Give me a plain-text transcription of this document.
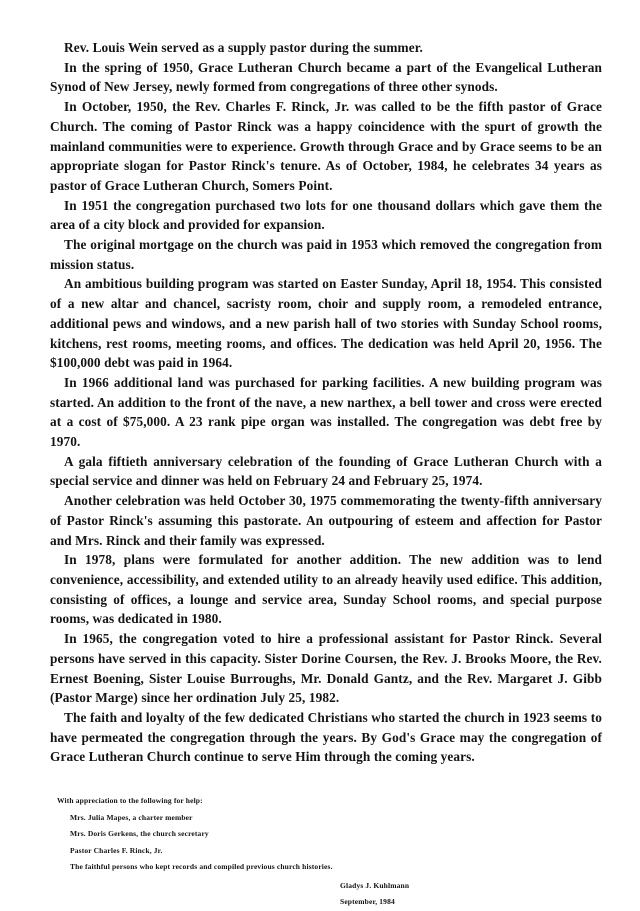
Rev. Louis Wein served as a supply pastor during the summer.

In the spring of 1950, Grace Lutheran Church became a part of the Evangelical Lutheran Synod of New Jersey, newly formed from congregations of three other synods.

In October, 1950, the Rev. Charles F. Rinck, Jr. was called to be the fifth pastor of Grace Church. The coming of Pastor Rinck was a happy coincidence with the spurt of growth the mainland communities were to experience. Growth through Grace and by Grace seems to be an appropriate slogan for Pastor Rinck's tenure. As of October, 1984, he celebrates 34 years as pastor of Grace Lutheran Church, Somers Point.

In 1951 the congregation purchased two lots for one thousand dollars which gave them the area of a city block and provided for expansion.

The original mortgage on the church was paid in 1953 which removed the congregation from mission status.

An ambitious building program was started on Easter Sunday, April 18, 1954. This consisted of a new altar and chancel, sacristy room, choir and supply room, a remodeled entrance, additional pews and windows, and a new parish hall of two stories with Sunday School rooms, kitchens, rest rooms, meeting rooms, and offices. The dedication was held April 20, 1956. The $100,000 debt was paid in 1964.

In 1966 additional land was purchased for parking facilities. A new building program was started. An addition to the front of the nave, a new narthex, a bell tower and cross were erected at a cost of $75,000. A 23 rank pipe organ was installed. The congregation was debt free by 1970.

A gala fiftieth anniversary celebration of the founding of Grace Lutheran Church with a special service and dinner was held on February 24 and February 25, 1974.

Another celebration was held October 30, 1975 commemorating the twenty-fifth anniversary of Pastor Rinck's assuming this pastorate. An outpouring of esteem and affection for Pastor and Mrs. Rinck and their family was expressed.

In 1978, plans were formulated for another addition. The new addition was to lend convenience, accessibility, and extended utility to an already heavily used edifice. This addition, consisting of offices, a lounge and service area, Sunday School rooms, and special purpose rooms, was dedicated in 1980.

In 1965, the congregation voted to hire a professional assistant for Pastor Rinck. Several persons have served in this capacity. Sister Dorine Coursen, the Rev. J. Brooks Moore, the Rev. Ernest Boening, Sister Louise Burroughs, Mr. Donald Gantz, and the Rev. Margaret J. Gibb (Pastor Marge) since her ordination July 25, 1982.

The faith and loyalty of the few dedicated Christians who started the church in 1923 seems to have permeated the congregation through the years. By God's Grace may the congregation of Grace Lutheran Church continue to serve Him through the coming years.

With appreciation to the following for help:
Mrs. Julia Mapes, a charter member
Mrs. Doris Gerkens, the church secretary
Pastor Charles F. Rinck, Jr.
The faithful persons who kept records and compiled previous church histories.
Gladys J. Kuhlmann
September, 1984
